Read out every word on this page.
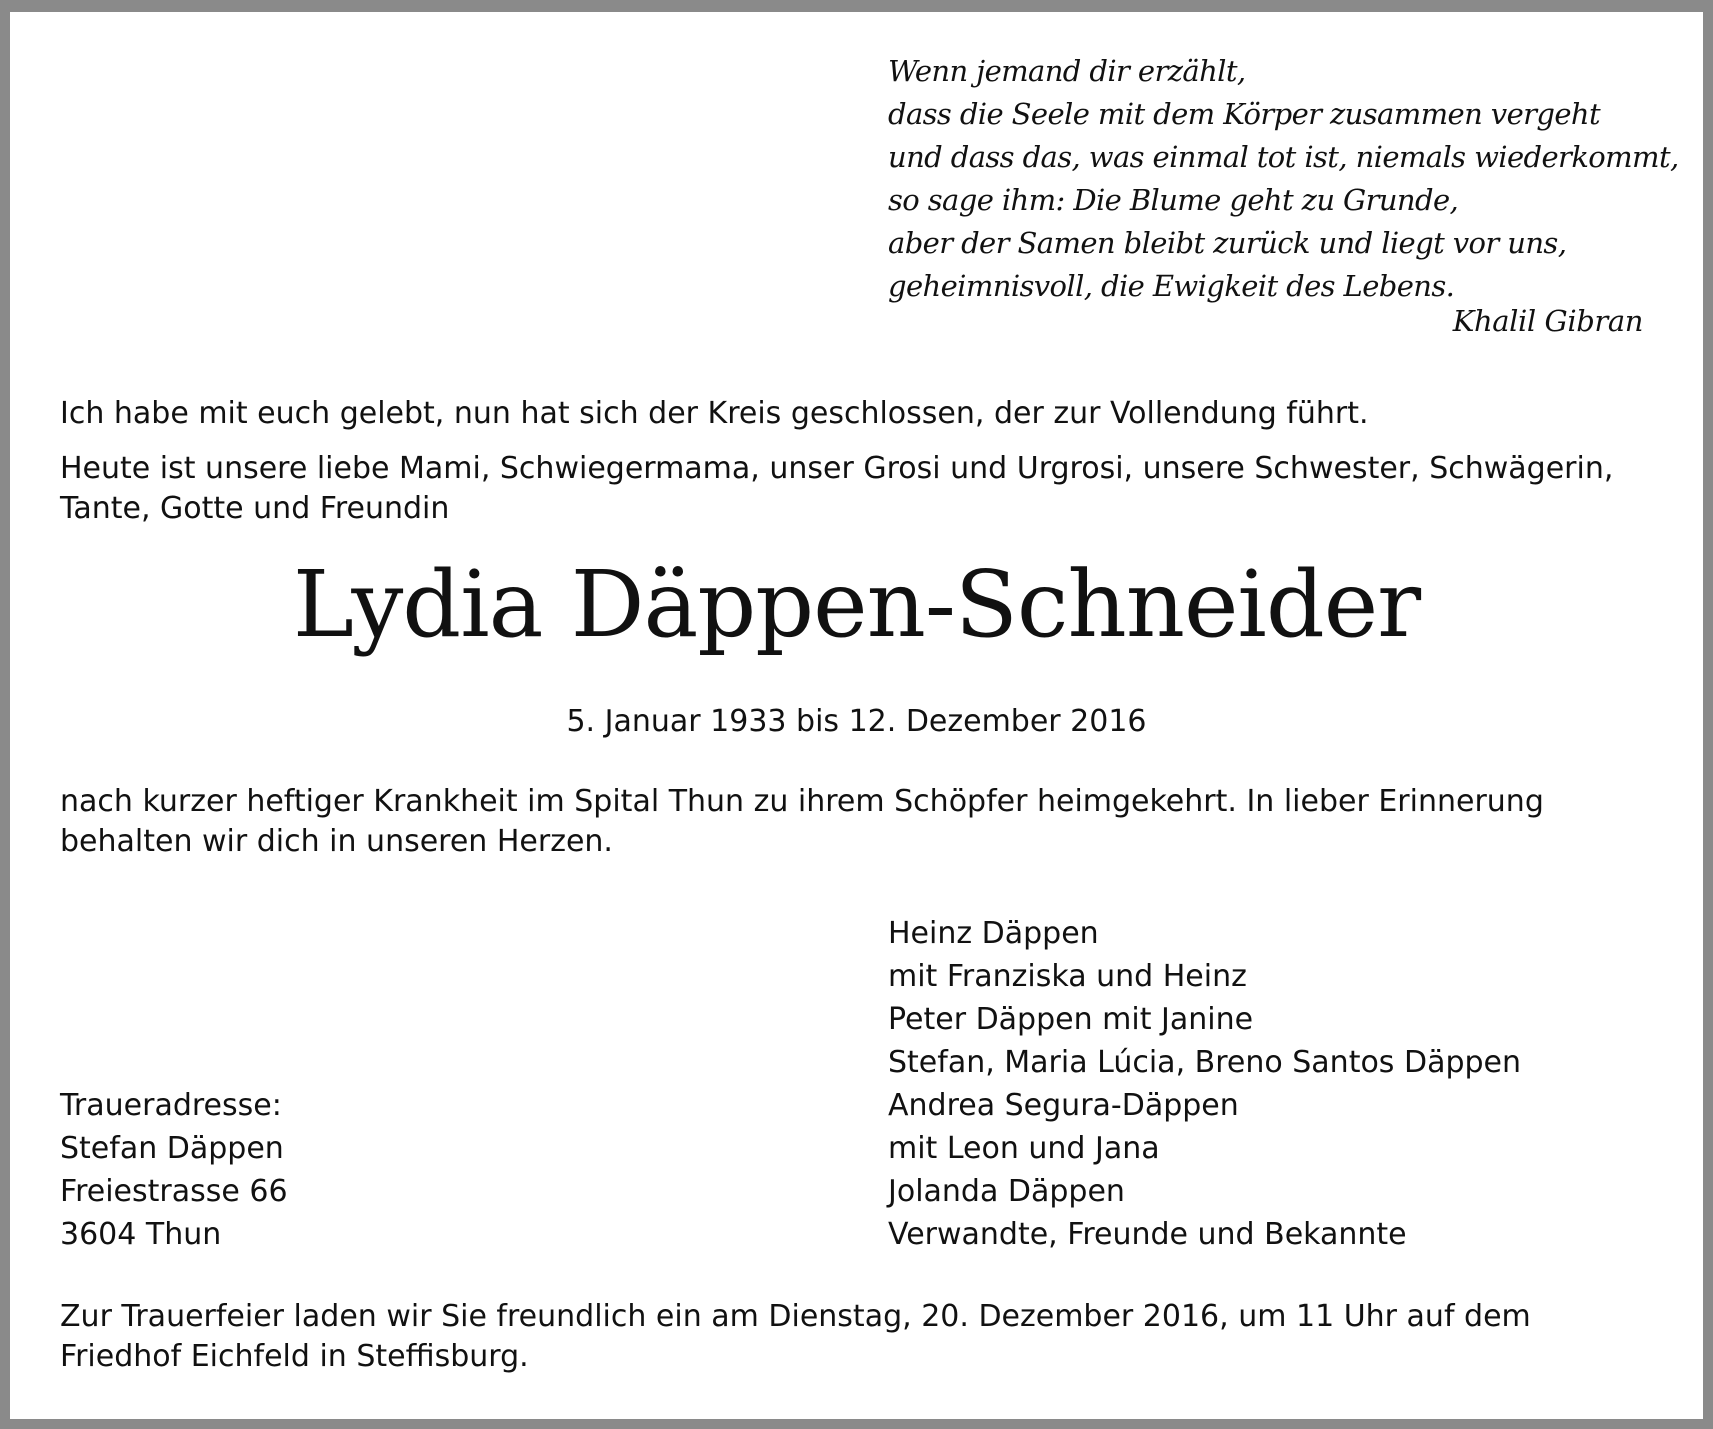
Wenn jemand dir erzählt,
dass die Seele mit dem Körper zusammen vergeht
und dass das, was einmal tot ist, niemals wiederkommt,
so sage ihm: Die Blume geht zu Grunde,
aber der Samen bleibt zurück und liegt vor uns,
geheimnisvoll, die Ewigkeit des Lebens.
Khalil Gibran
Ich habe mit euch gelebt, nun hat sich der Kreis geschlossen, der zur Vollendung führt.
Heute ist unsere liebe Mami, Schwiegermama, unser Grosi und Urgrosi, unsere Schwester, Schwägerin, Tante, Gotte und Freundin
Lydia Däppen-Schneider
5. Januar 1933 bis 12. Dezember 2016
nach kurzer heftiger Krankheit im Spital Thun zu ihrem Schöpfer heimgekehrt. In lieber Erinnerung behalten wir dich in unseren Herzen.
Heinz Däppen
mit Franziska und Heinz
Peter Däppen mit Janine
Stefan, Maria Lúcia, Breno Santos Däppen
Andrea Segura-Däppen
mit Leon und Jana
Jolanda Däppen
Verwandte, Freunde und Bekannte
Traueradresse:
Stefan Däppen
Freiestrasse 66
3604 Thun
Zur Trauerfeier laden wir Sie freundlich ein am Dienstag, 20. Dezember 2016, um 11 Uhr auf dem Friedhof Eichfeld in Steffisburg.
